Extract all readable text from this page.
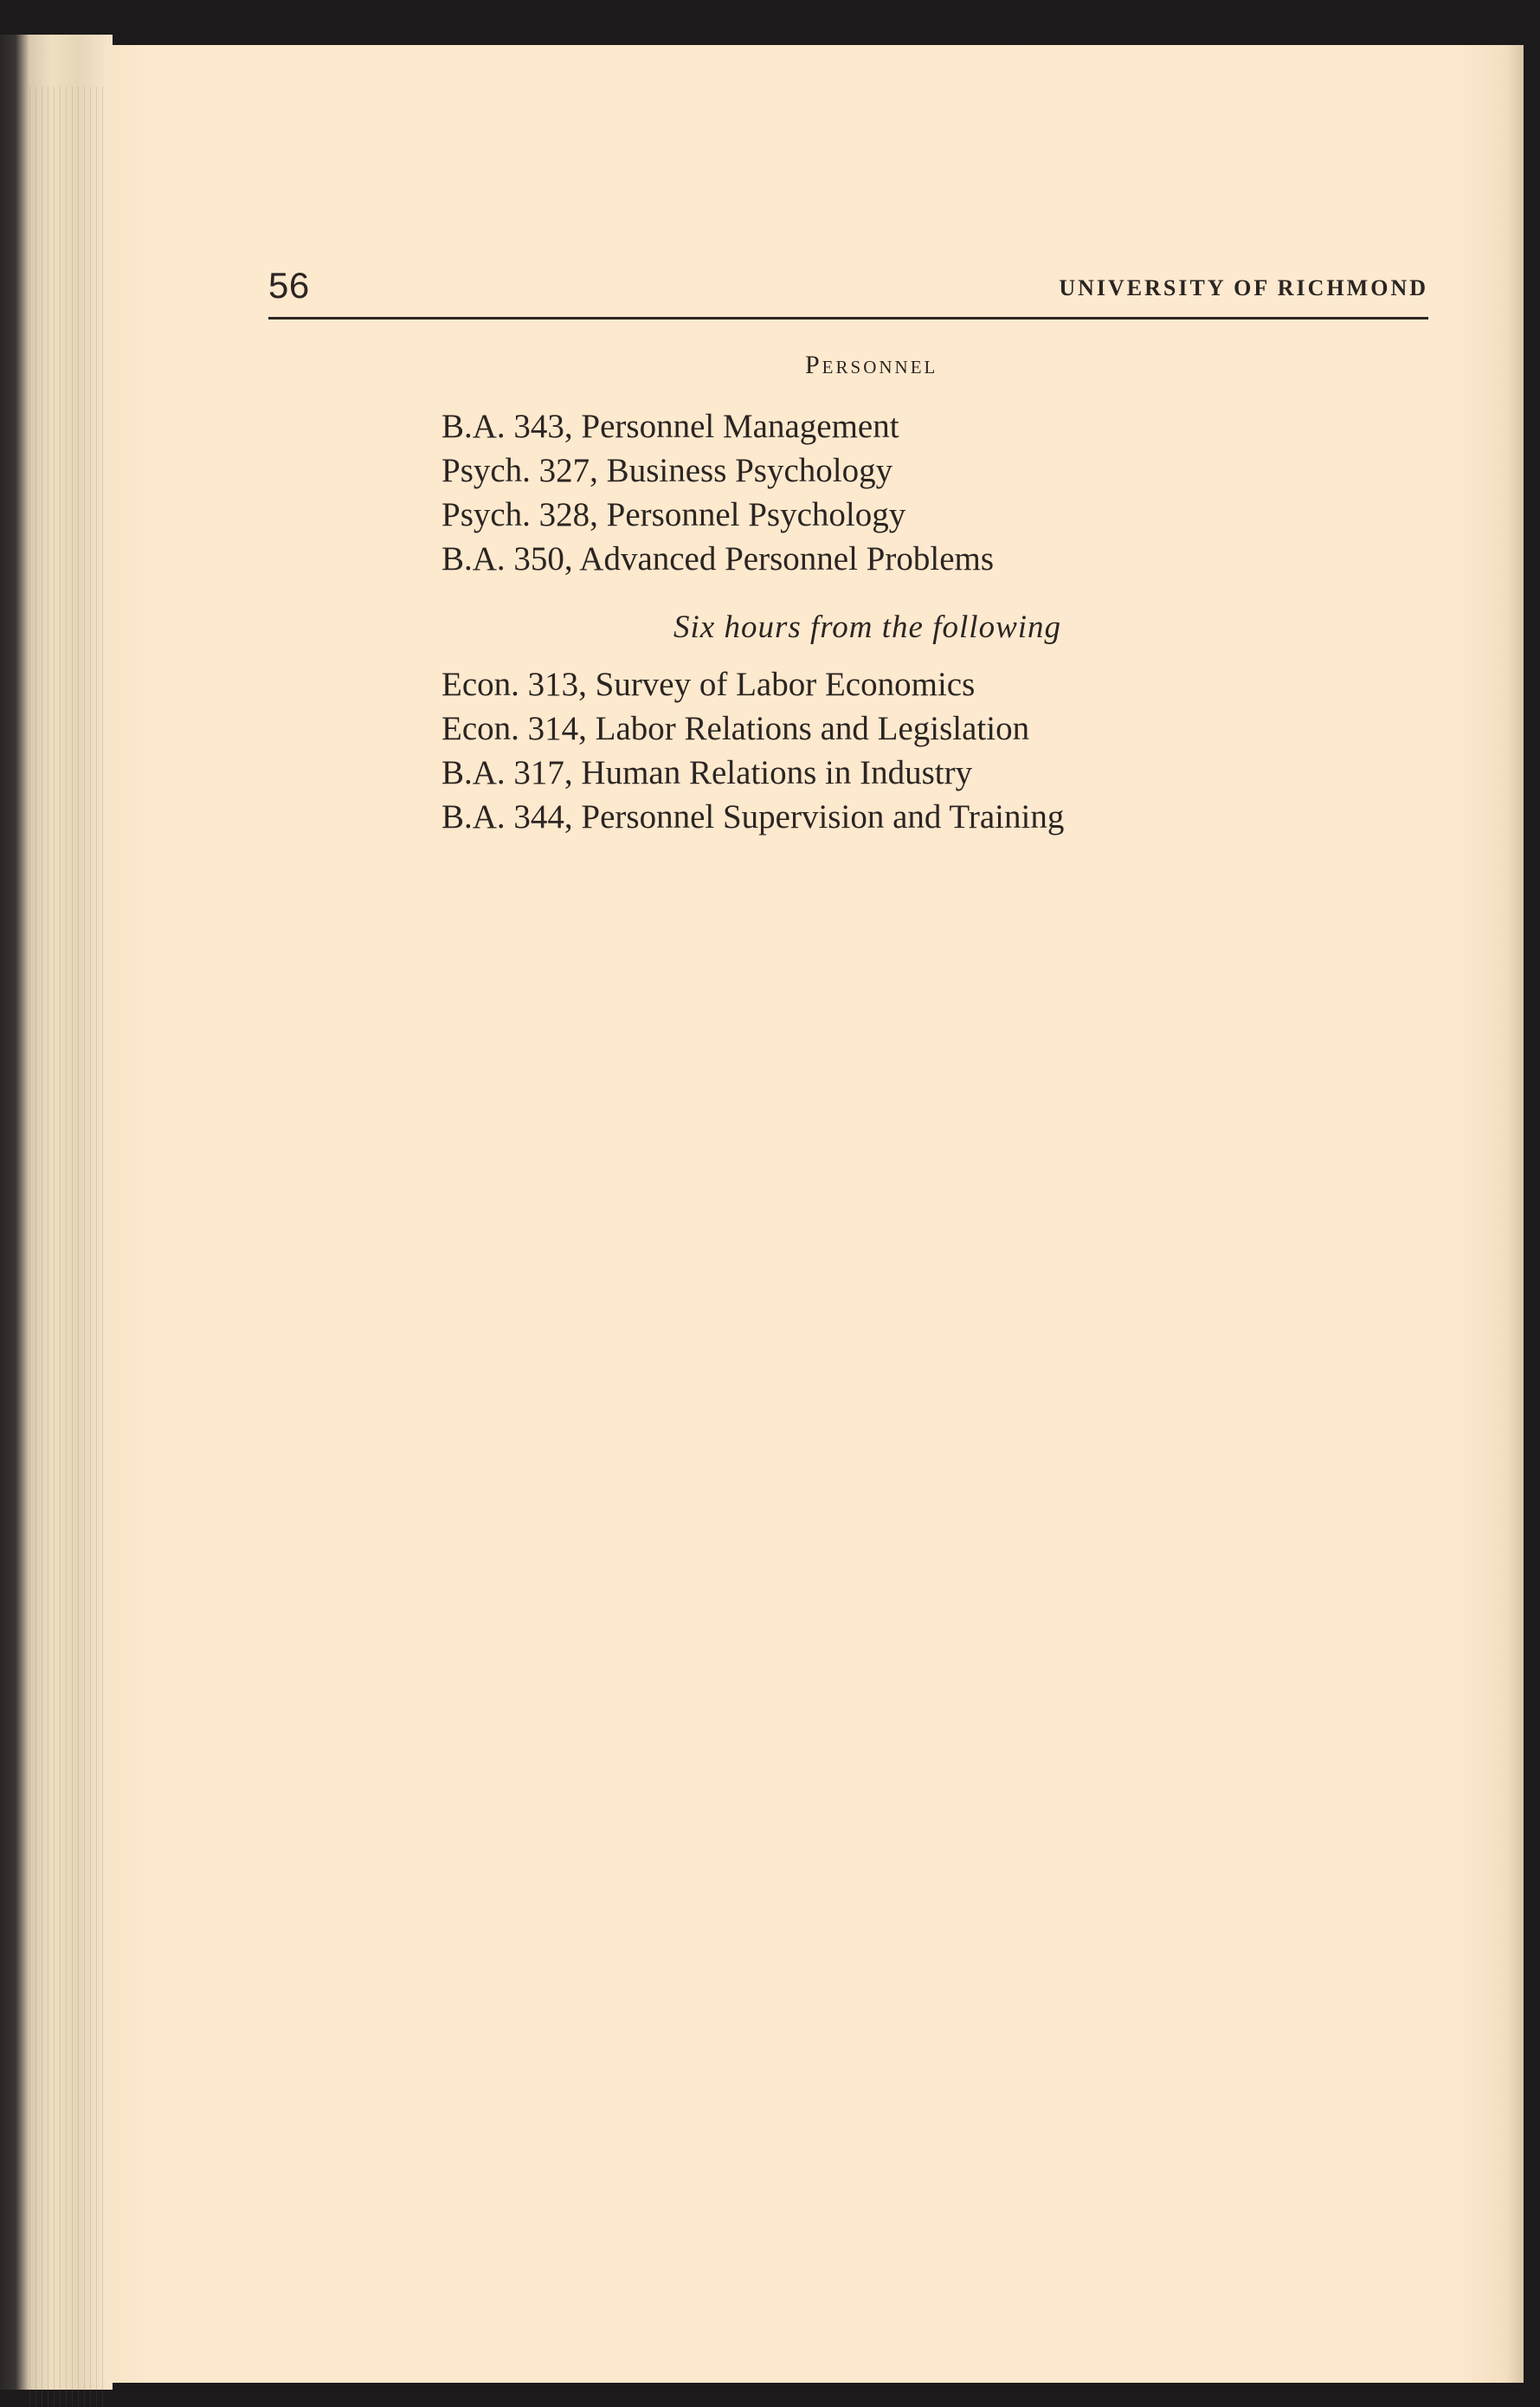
56	UNIVERSITY OF RICHMOND
Personnel
B.A. 343, Personnel Management
Psych. 327, Business Psychology
Psych. 328, Personnel Psychology
B.A. 350, Advanced Personnel Problems
Six hours from the following
Econ. 313, Survey of Labor Economics
Econ. 314, Labor Relations and Legislation
B.A. 317, Human Relations in Industry
B.A. 344, Personnel Supervision and Training
